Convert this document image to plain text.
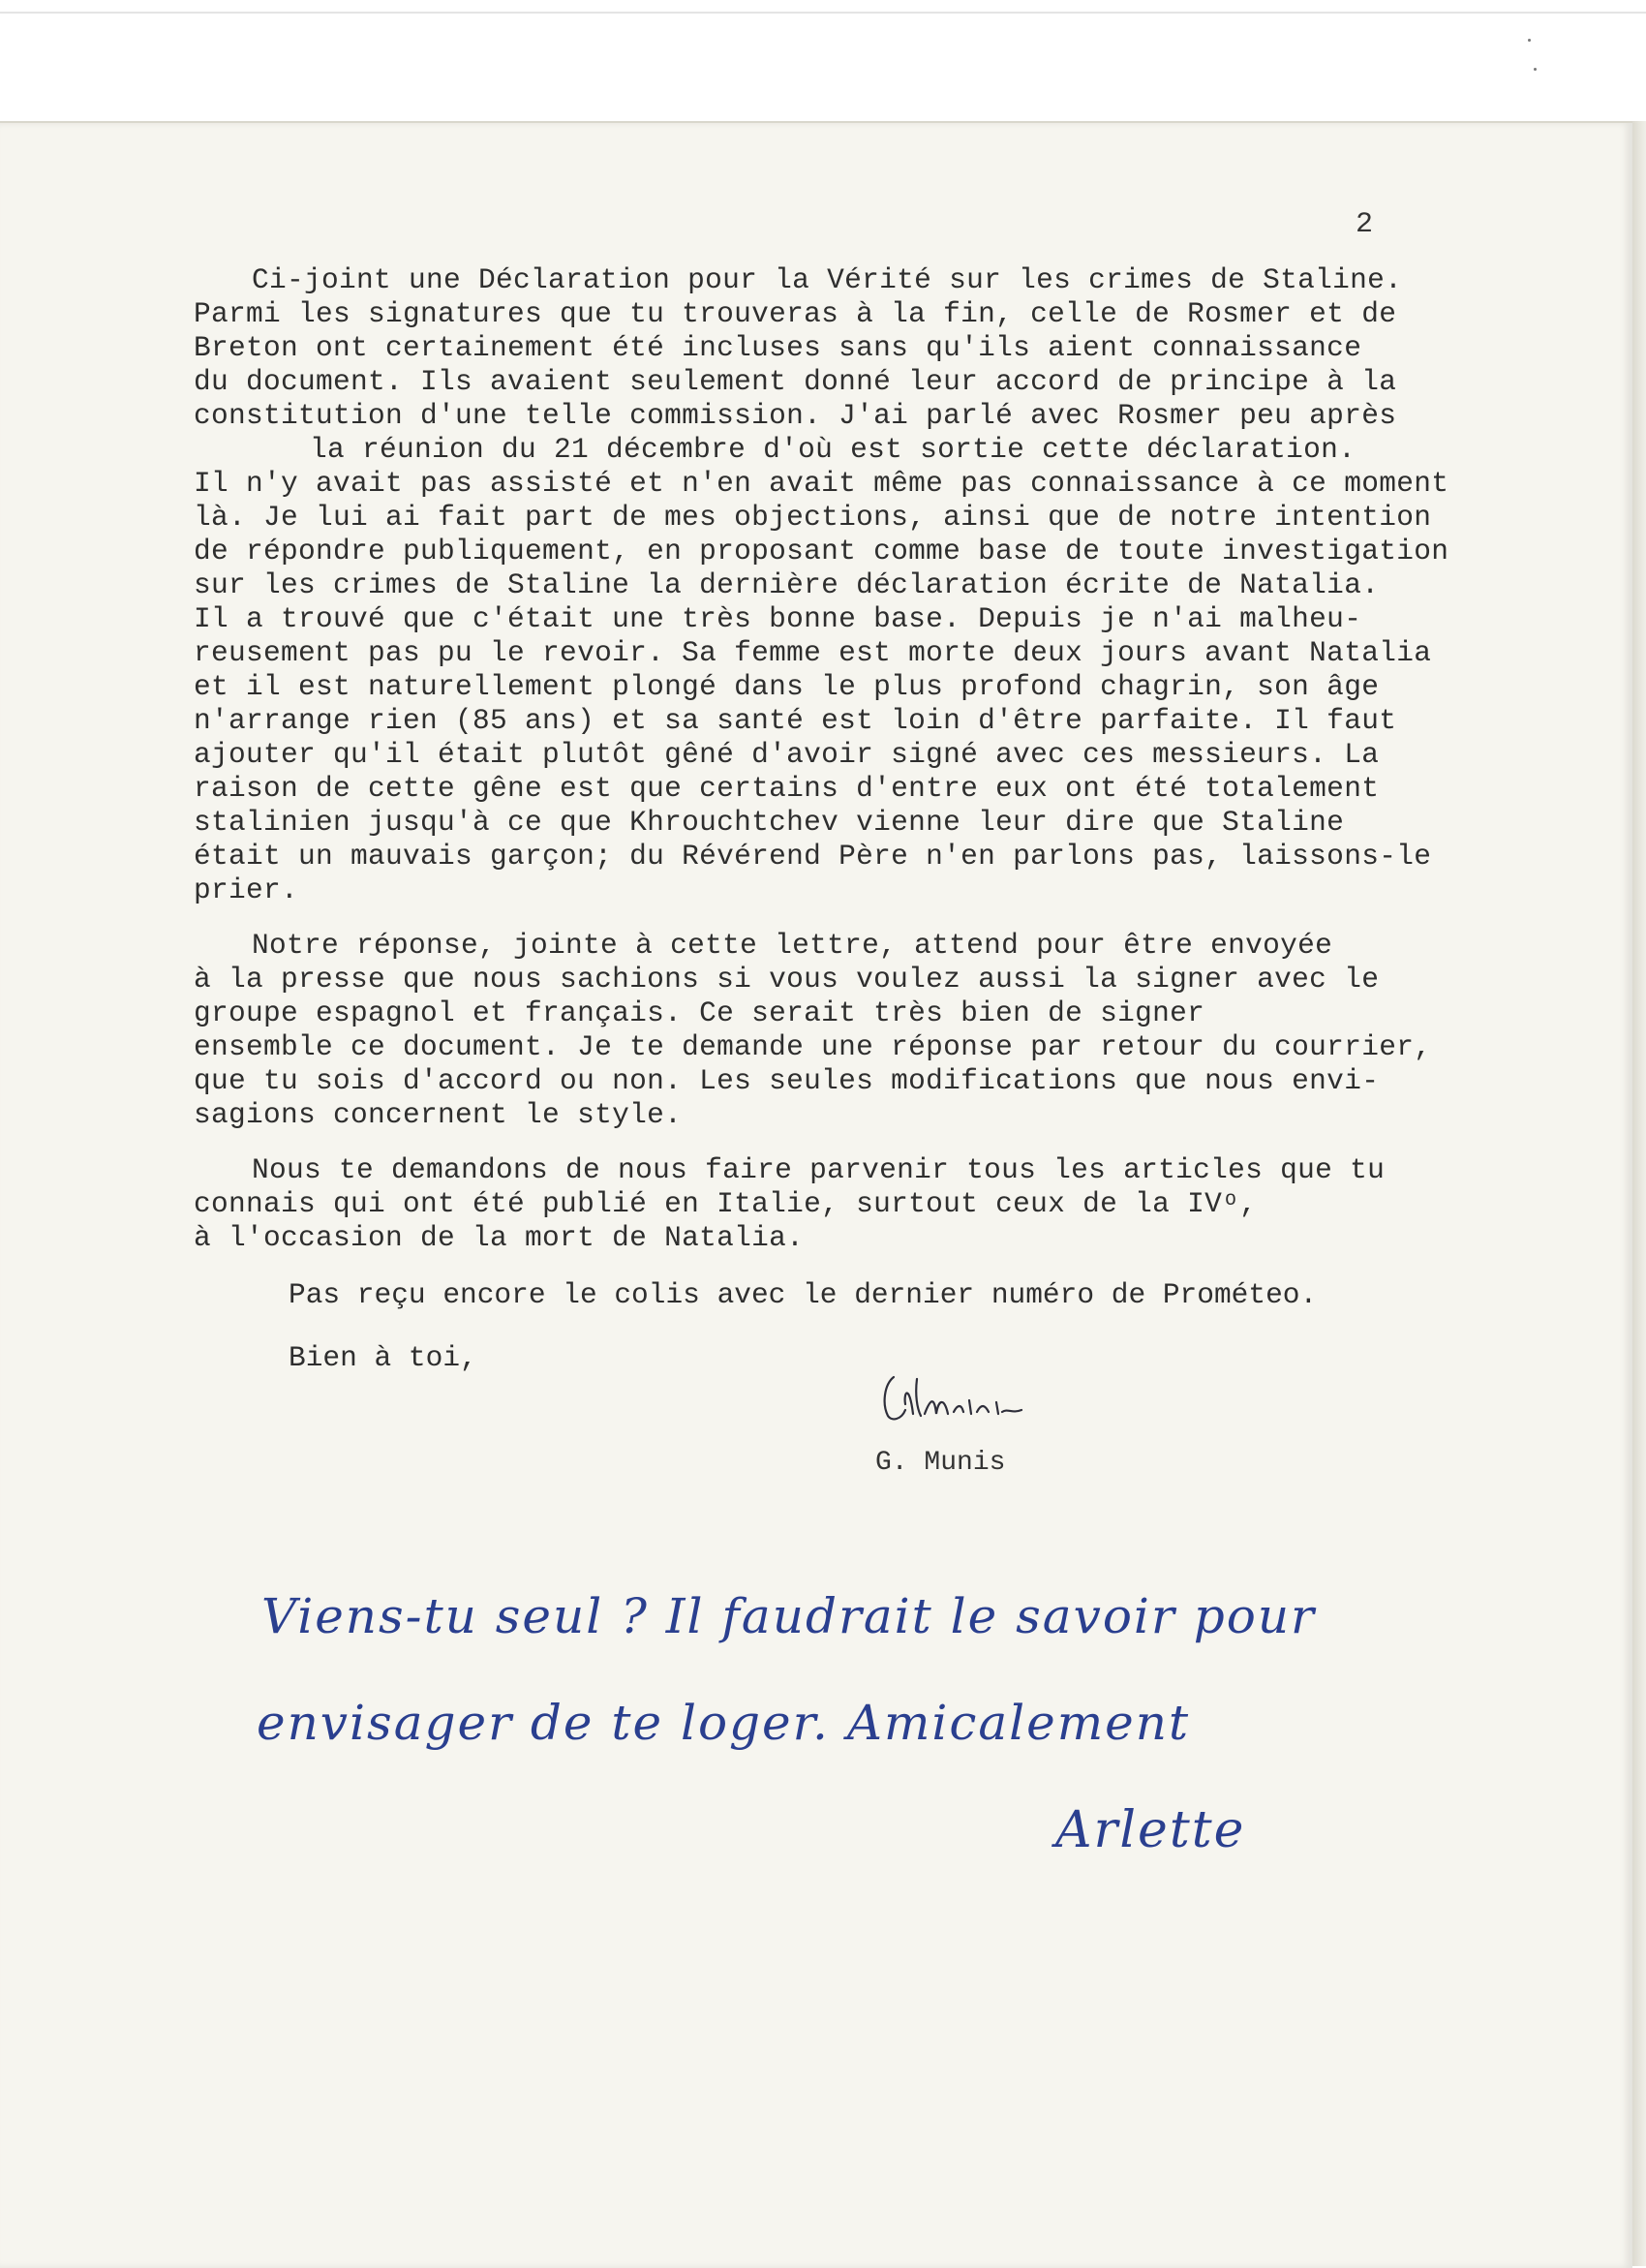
2
Ci-joint une Déclaration pour la Vérité sur les crimes de Staline.
Parmi les signatures que tu trouveras à la fin, celle de Rosmer et de
Breton ont certainement été incluses sans qu'ils aient connaissance
du document. Ils avaient seulement donné leur accord de principe à la
constitution d'une telle commission. J'ai parlé avec Rosmer peu après
la réunion du 21 décembre d'où est sortie cette déclaration.
Il n'y avait pas assisté et n'en avait même pas connaissance à ce moment
là. Je lui ai fait part de mes objections, ainsi que de notre intention
de répondre publiquement, en proposant comme base de toute investigation
sur les crimes de Staline la dernière déclaration écrite de Natalia.
Il a trouvé que c'était une très bonne base. Depuis je n'ai malheu-
reusement pas pu le revoir. Sa femme est morte deux jours avant Natalia
et il est naturellement plongé dans le plus profond chagrin, son âge
n'arrange rien (85 ans) et sa santé est loin d'être parfaite. Il faut
ajouter qu'il était plutôt gêné d'avoir signé avec ces messieurs. La
raison de cette gêne est que certains d'entre eux ont été totalement
stalinien jusqu'à ce que Khrouchtchev vienne leur dire que Staline
était un mauvais garçon; du Révérend Père n'en parlons pas, laissons-le
prier.
Notre réponse, jointe à cette lettre, attend pour être envoyée
à la presse que nous sachions si vous voulez aussi la signer avec le
groupe espagnol et français. Ce serait très bien de signer
ensemble ce document. Je te demande une réponse par retour du courrier,
que tu sois d'accord ou non. Les seules modifications que nous envi-
sagions concernent le style.
Nous te demandons de nous faire parvenir tous les articles que tu
connais qui ont été publié en Italie, surtout ceux de la IVᵒ,
à l'occasion de la mort de Natalia.
Pas reçu encore le colis avec le dernier numéro de Prométeo.
Bien à toi,
G. Munis
Viens-tu seul ? Il faudrait le savoir pour
envisager de te loger. Amicalement
Arlette
